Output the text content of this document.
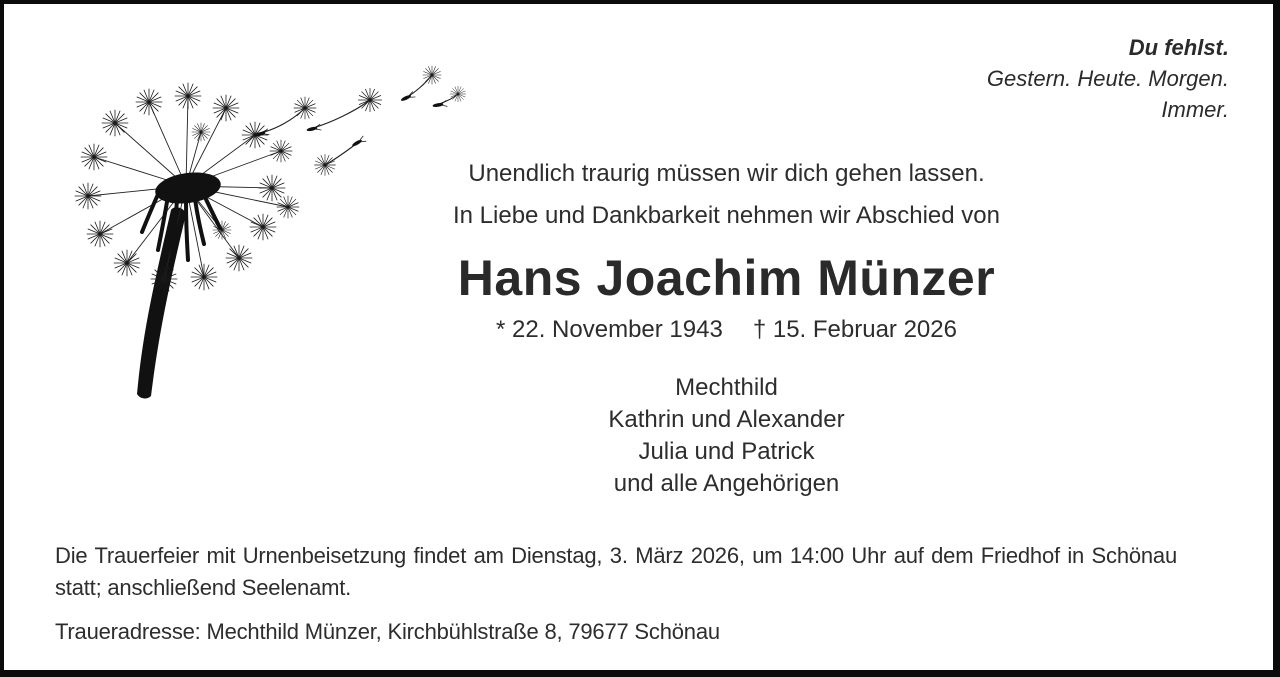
Du fehlst.
Gestern. Heute. Morgen.
Immer.
Unendlich traurig müssen wir dich gehen lassen.
In Liebe und Dankbarkeit nehmen wir Abschied von
Hans Joachim Münzer
* 22. November 1943 † 15. Februar 2026
Mechthild
Kathrin und Alexander
Julia und Patrick
und alle Angehörigen

Die Trauerfeier mit Urnenbeisetzung findet am Dienstag, 3. März 2026, um 14:00 Uhr auf dem Friedhof in Schönau statt; anschließend Seelenamt.

Traueradresse: Mechthild Münzer, Kirchbühlstraße 8, 79677 Schönau
